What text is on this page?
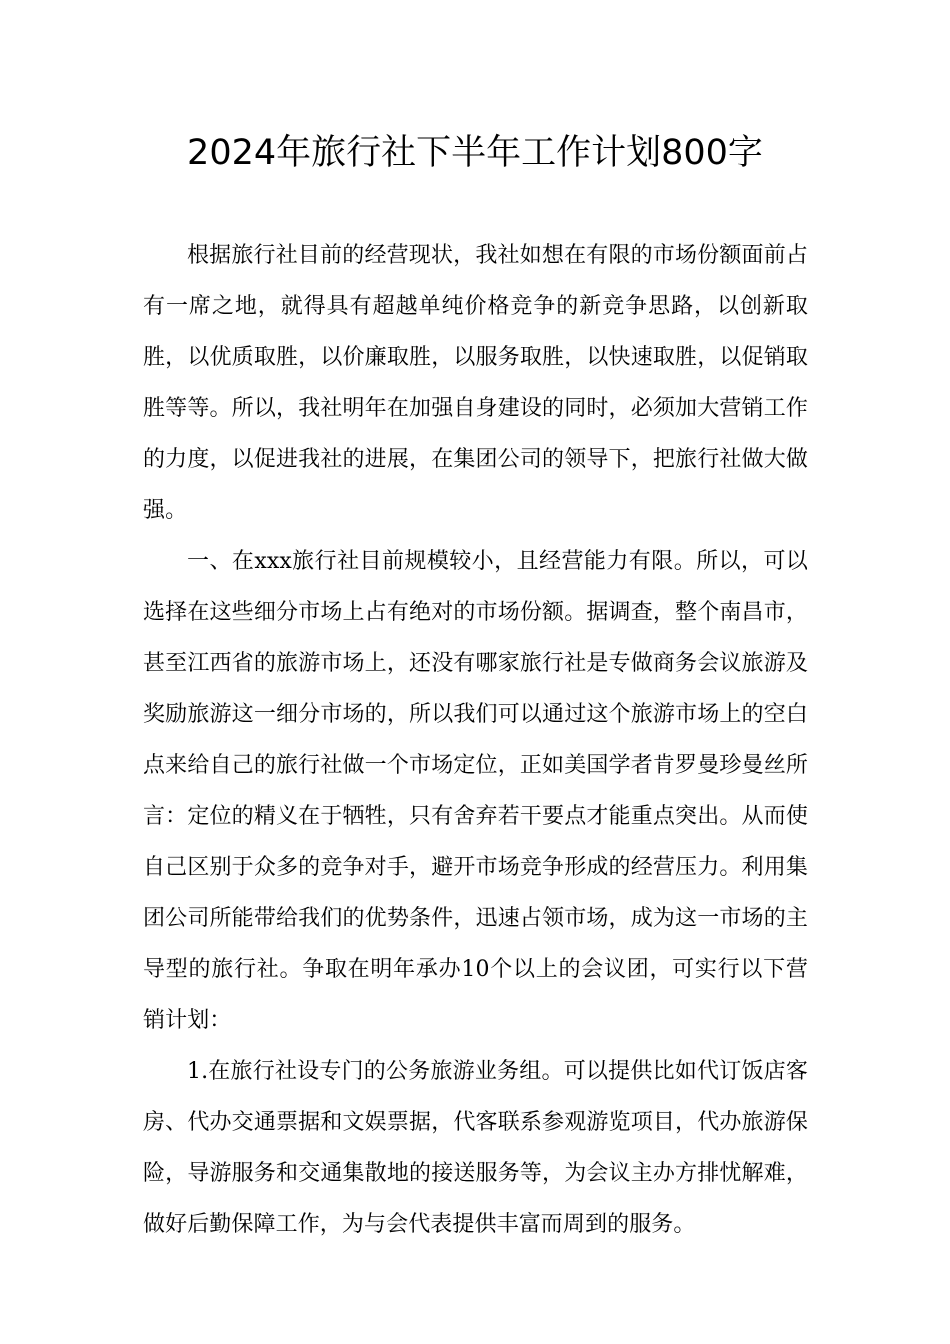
2024年旅行社下半年工作计划800字

根据旅行社目前的经营现状，我社如想在有限的市场份额面前占有一席之地，就得具有超越单纯价格竞争的新竞争思路，以创新取胜，以优质取胜，以价廉取胜，以服务取胜，以快速取胜，以促销取胜等等。所以，我社明年在加强自身建设的同时，必须加大营销工作的力度，以促进我社的进展，在集团公司的领导下，把旅行社做大做强。

一、在xxx旅行社目前规模较小，且经营能力有限。所以，可以选择在这些细分市场上占有绝对的市场份额。据调查，整个南昌市，甚至江西省的旅游市场上，还没有哪家旅行社是专做商务会议旅游及奖励旅游这一细分市场的，所以我们可以通过这个旅游市场上的空白点来给自己的旅行社做一个市场定位，正如美国学者肯罗曼珍曼丝所言：定位的精义在于牺牲，只有舍弃若干要点才能重点突出。从而使自己区别于众多的竞争对手，避开市场竞争形成的经营压力。利用集团公司所能带给我们的优势条件，迅速占领市场，成为这一市场的主导型的旅行社。争取在明年承办10个以上的会议团，可实行以下营销计划：

1.在旅行社设专门的公务旅游业务组。可以提供比如代订饭店客房、代办交通票据和文娱票据，代客联系参观游览项目，代办旅游保险，导游服务和交通集散地的接送服务等，为会议主办方排忧解难，做好后勤保障工作，为与会代表提供丰富而周到的服务。
